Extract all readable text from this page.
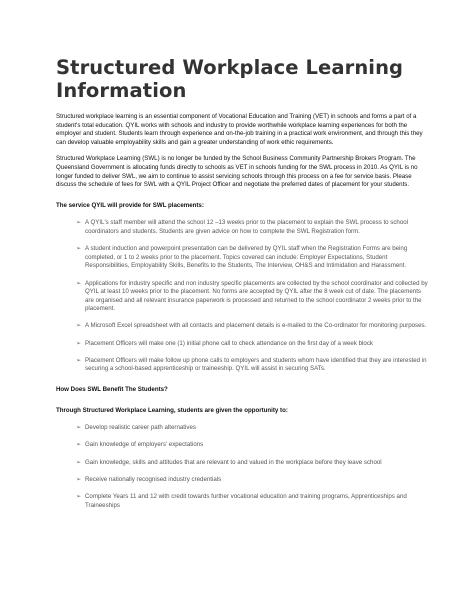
Structured Workplace Learning Information

Structured workplace learning is an essential component of Vocational Education and Training (VET) in schools and forms a part of a student's total education. QYIL works with schools and industry to provide worthwhile workplace learning experiences for both the employer and student. Students learn through experience and on-the-job training in a practical work environment, and through this they can develop valuable employability skills and gain a greater understanding of work ethic requirements.

Structured Workplace Learning (SWL) is no longer be funded by the School Business Community Partnership Brokers Program. The Queensland Government is allocating funds directly to schools as VET in schools funding for the SWL process in 2010. As QYIL is no longer funded to deliver SWL, we aim to continue to assist servicing schools through this process on a fee for service basis. Please discuss the schedule of fees for SWL with a QYIL Project Officer and negotiate the preferred dates of placement for your students.

The service QYIL will provide for SWL placements:
➢ A QYIL's staff member will attend the school 12 –13 weeks prior to the placement to explain the SWL process to school coordinators and students. Students are given advice on how to complete the SWL Registration form.
➢ A student induction and powerpoint presentation can be delivered by QYIL staff when the Registration Forms are being completed, or 1 to 2 weeks prior to the placement. Topics covered can include: Employer Expectations, Student Responsibilities, Employability Skills, Benefits to the Students, The Interview, OH&S and Intimidation and Harassment.
➢ Applications for industry specific and non industry specific placements are collected by the school coordinator and collected by QYIL at least 10 weeks prior to the placement. No forms are accepted by QYIL after the 8 week cut of date. The placements are organised and all relevant insurance paperwork is processed and returned to the school coordinator 2 weeks prior to the placement.
➢ A Microsoft Excel spreadsheet with all contacts and placement details is e-mailed to the Co-ordinator for monitoring purposes.
➢ Placement Officers will make one (1) initial phone call to check attendance on the first day of a week block
➢ Placement Officers will make follow up phone calls to employers and students whom have identified that they are interested in securing a school-based apprenticeship or traineeship. QYIL will assist in securing SATs.
How Does SWL Benefit The Students?
Through Structured Workplace Learning, students are given the opportunity to:
➢ Develop realistic career path alternatives
➢ Gain knowledge of employers' expectations
➢ Gain knowledge, skills and attitudes that are relevant to and valued in the workplace before they leave school
➢ Receive nationally recognised industry credentials
➢ Complete Years 11 and 12 with credit towards further vocational education and training programs, Apprenticeships and Traineeships
